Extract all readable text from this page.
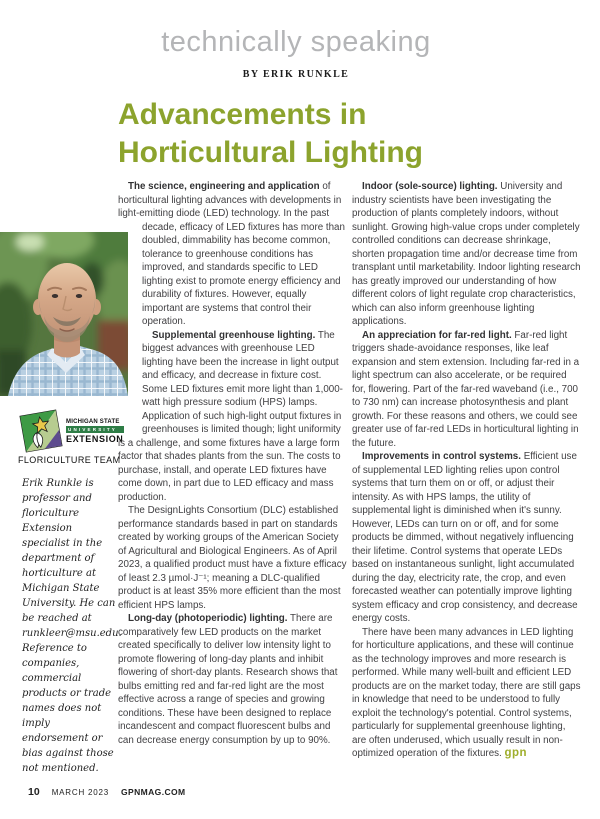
technically speaking
BY ERIK RUNKLE
Advancements in
Horticultural Lighting
MICHIGAN STATE
UNIVERSITY
EXTENSION
FLORICULTURE TEAM
Erik Runkle is professor and floriculture Extension specialist in the department of horticulture at Michigan State University. He can be reached at runkleer@msu.edu. Reference to companies, commercial products or trade names does not imply endorsement or bias against those not mentioned.

The science, engineering and application of horticultural lighting advances with developments in light-emitting diode (LED) technology. In the past decade, efficacy of LED fixtures has more than doubled, dimmability has become common, tolerance to greenhouse conditions has improved, and standards specific to LED lighting exist to promote energy efficiency and durability of fixtures. However, equally important are systems that control their operation.

Supplemental greenhouse lighting. The biggest advances with greenhouse LED lighting have been the increase in light output and efficacy, and decrease in fixture cost. Some LED fixtures emit more light than 1,000-watt high pressure sodium (HPS) lamps. Application of such high-light output fixtures in greenhouses is limited though; light uniformity is a challenge, and some fixtures have a large form factor that shades plants from the sun. The costs to purchase, install, and operate LED fixtures have come down, in part due to LED efficacy and mass production.

The DesignLights Consortium (DLC) established performance standards based in part on standards created by working groups of the American Society of Agricultural and Biological Engineers. As of April 2023, a qualified product must have a fixture efficacy of least 2.3 µmol·J⁻¹; meaning a DLC-qualified product is at least 35% more efficient than the most efficient HPS lamps.

Long-day (photoperiodic) lighting. There are comparatively few LED products on the market created specifically to deliver low intensity light to promote flowering of long-day plants and inhibit flowering of short-day plants. Research shows that bulbs emitting red and far-red light are the most effective across a range of species and growing conditions. These have been designed to replace incandescent and compact fluorescent bulbs and can decrease energy consumption by up to 90%.

Indoor (sole-source) lighting. University and industry scientists have been investigating the production of plants completely indoors, without sunlight. Growing high-value crops under completely controlled conditions can decrease shrinkage, shorten propagation time and/or decrease time from transplant until marketability. Indoor lighting research has greatly improved our understanding of how different colors of light regulate crop characteristics, which can also inform greenhouse lighting applications.

An appreciation for far-red light. Far-red light triggers shade-avoidance responses, like leaf expansion and stem extension. Including far-red in a light spectrum can also accelerate, or be required for, flowering. Part of the far-red waveband (i.e., 700 to 730 nm) can increase photosynthesis and plant growth. For these reasons and others, we could see greater use of far-red LEDs in horticultural lighting in the future.

Improvements in control systems. Efficient use of supplemental LED lighting relies upon control systems that turn them on or off, or adjust their intensity. As with HPS lamps, the utility of supplemental light is diminished when it's sunny. However, LEDs can turn on or off, and for some products be dimmed, without negatively influencing their lifetime. Control systems that operate LEDs based on instantaneous sunlight, light accumulated during the day, electricity rate, the crop, and even forecasted weather can potentially improve lighting system efficacy and crop consistency, and decrease energy costs.

There have been many advances in LED lighting for horticulture applications, and these will continue as the technology improves and more research is performed. While many well-built and efficient LED products are on the market today, there are still gaps in knowledge that need to be understood to fully exploit the technology's potential. Control systems, particularly for supplemental greenhouse lighting, are often underused, which usually result in non-optimized operation of the fixtures. gpn

10 MARCH 2023 GPNMAG.COM
